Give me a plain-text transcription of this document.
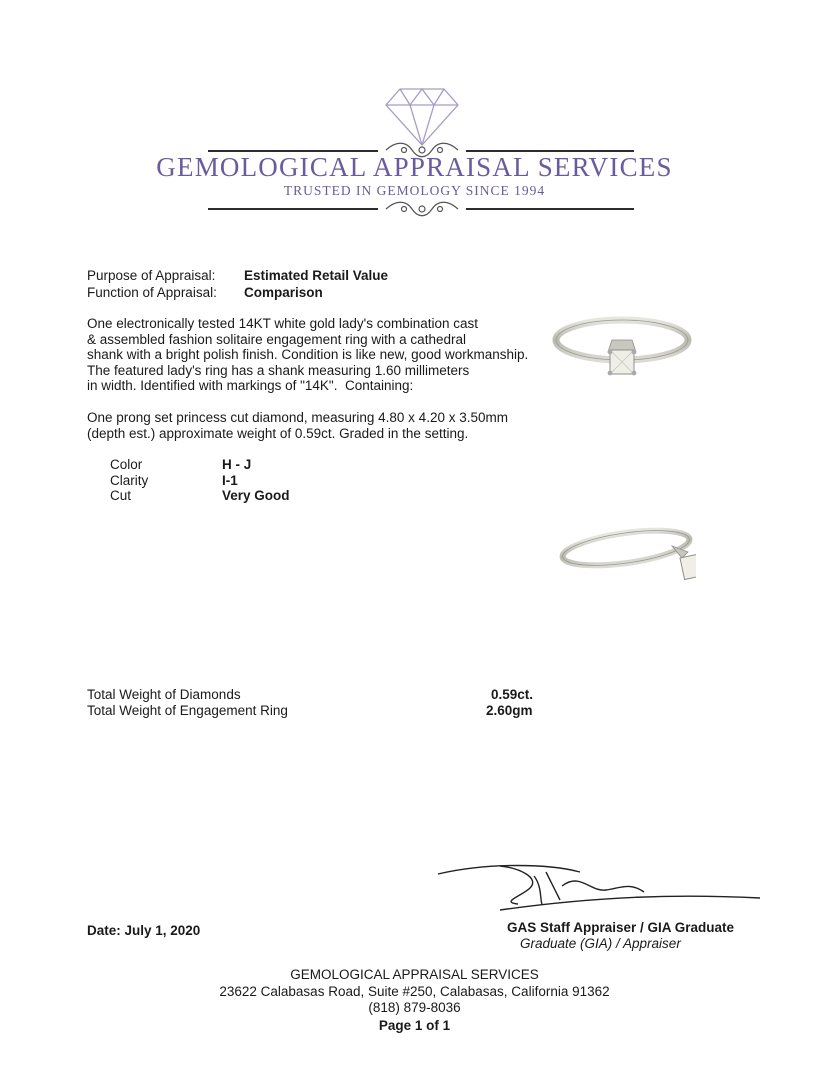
GEMOLOGICAL APPRAISAL SERVICES
TRUSTED IN GEMOLOGY SINCE 1994
Purpose of Appraisal: Estimated Retail Value
Function of Appraisal: Comparison
One electronically tested 14KT white gold lady's combination cast
& assembled fashion solitaire engagement ring with a cathedral
shank with a bright polish finish. Condition is like new, good workmanship.
The featured lady's ring has a shank measuring 1.60 millimeters
in width. Identified with markings of "14K".  Containing:
One prong set princess cut diamond, measuring 4.80 x 4.20 x 3.50mm
(depth est.) approximate weight of 0.59ct. Graded in the setting.
Color	H - J
Clarity	I-1
Cut	Very Good
Total Weight of Diamonds	0.59ct.
Total Weight of Engagement Ring	2.60gm
GAS Staff Appraiser / GIA Graduate
Graduate (GIA) / Appraiser
Date: July 1, 2020
GEMOLOGICAL APPRAISAL SERVICES
23622 Calabasas Road, Suite #250, Calabasas, California 91362
(818) 879-8036
Page 1 of 1
